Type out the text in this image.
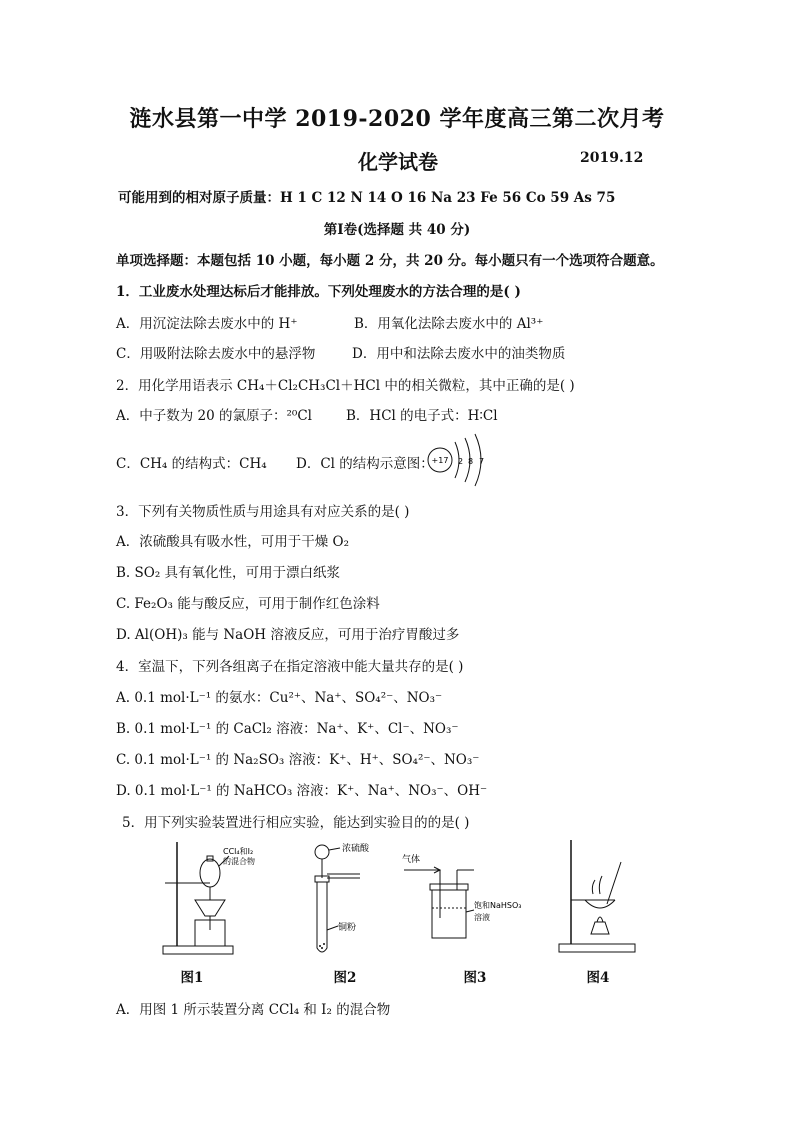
涟水县第一中学 2019-2020 学年度高三第二次月考
化学试卷	2019.12
可能用到的相对原子质量：H 1 C 12 N 14 O 16 Na 23 Fe 56 Co 59 As 75
第Ⅰ卷(选择题 共 40 分)
单项选择题：本题包括 10 小题，每小题 2 分，共 20 分。每小题只有一个选项符合题意。
1．工业废水处理达标后才能排放。下列处理废水的方法合理的是( )
A．用沉淀法除去废水中的 H⁺	B．用氧化法除去废水中的 Al³⁺
C．用吸附法除去废水中的悬浮物	D．用中和法除去废水中的油类物质
2．用化学用语表示 CH₄＋Cl₂CH₃Cl＋HCl 中的相关微粒，其中正确的是( )
A．中子数为 20 的氯原子：²⁰Cl	B．HCl 的电子式：H∶Cl
C．CH₄ 的结构式：CH₄ D．Cl 的结构示意图：
+17 2 8 7
3．下列有关物质性质与用途具有对应关系的是( )
A．浓硫酸具有吸水性，可用于干燥 O₂
B. SO₂ 具有氧化性，可用于漂白纸浆
C. Fe₂O₃ 能与酸反应，可用于制作红色涂料
D. Al(OH)₃ 能与 NaOH 溶液反应，可用于治疗胃酸过多
4．室温下，下列各组离子在指定溶液中能大量共存的是( )
A. 0.1 mol·L⁻¹ 的氨水：Cu²⁺、Na⁺、SO₄²⁻、NO₃⁻
B. 0.1 mol·L⁻¹ 的 CaCl₂ 溶液：Na⁺、K⁺、Cl⁻、NO₃⁻
C. 0.1 mol·L⁻¹ 的 Na₂SO₃ 溶液：K⁺、H⁺、SO₄²⁻、NO₃⁻
D. 0.1 mol·L⁻¹ 的 NaHCO₃ 溶液：K⁺、Na⁺、NO₃⁻、OH⁻
5．用下列实验装置进行相应实验，能达到实验目的的是( )
CCl₄和I₂
的混合物
浓硫酸
铜粉
气体
饱和NaHSO₃
溶液
图1	图2	图3	图4
A．用图 1 所示装置分离 CCl₄ 和 I₂ 的混合物
